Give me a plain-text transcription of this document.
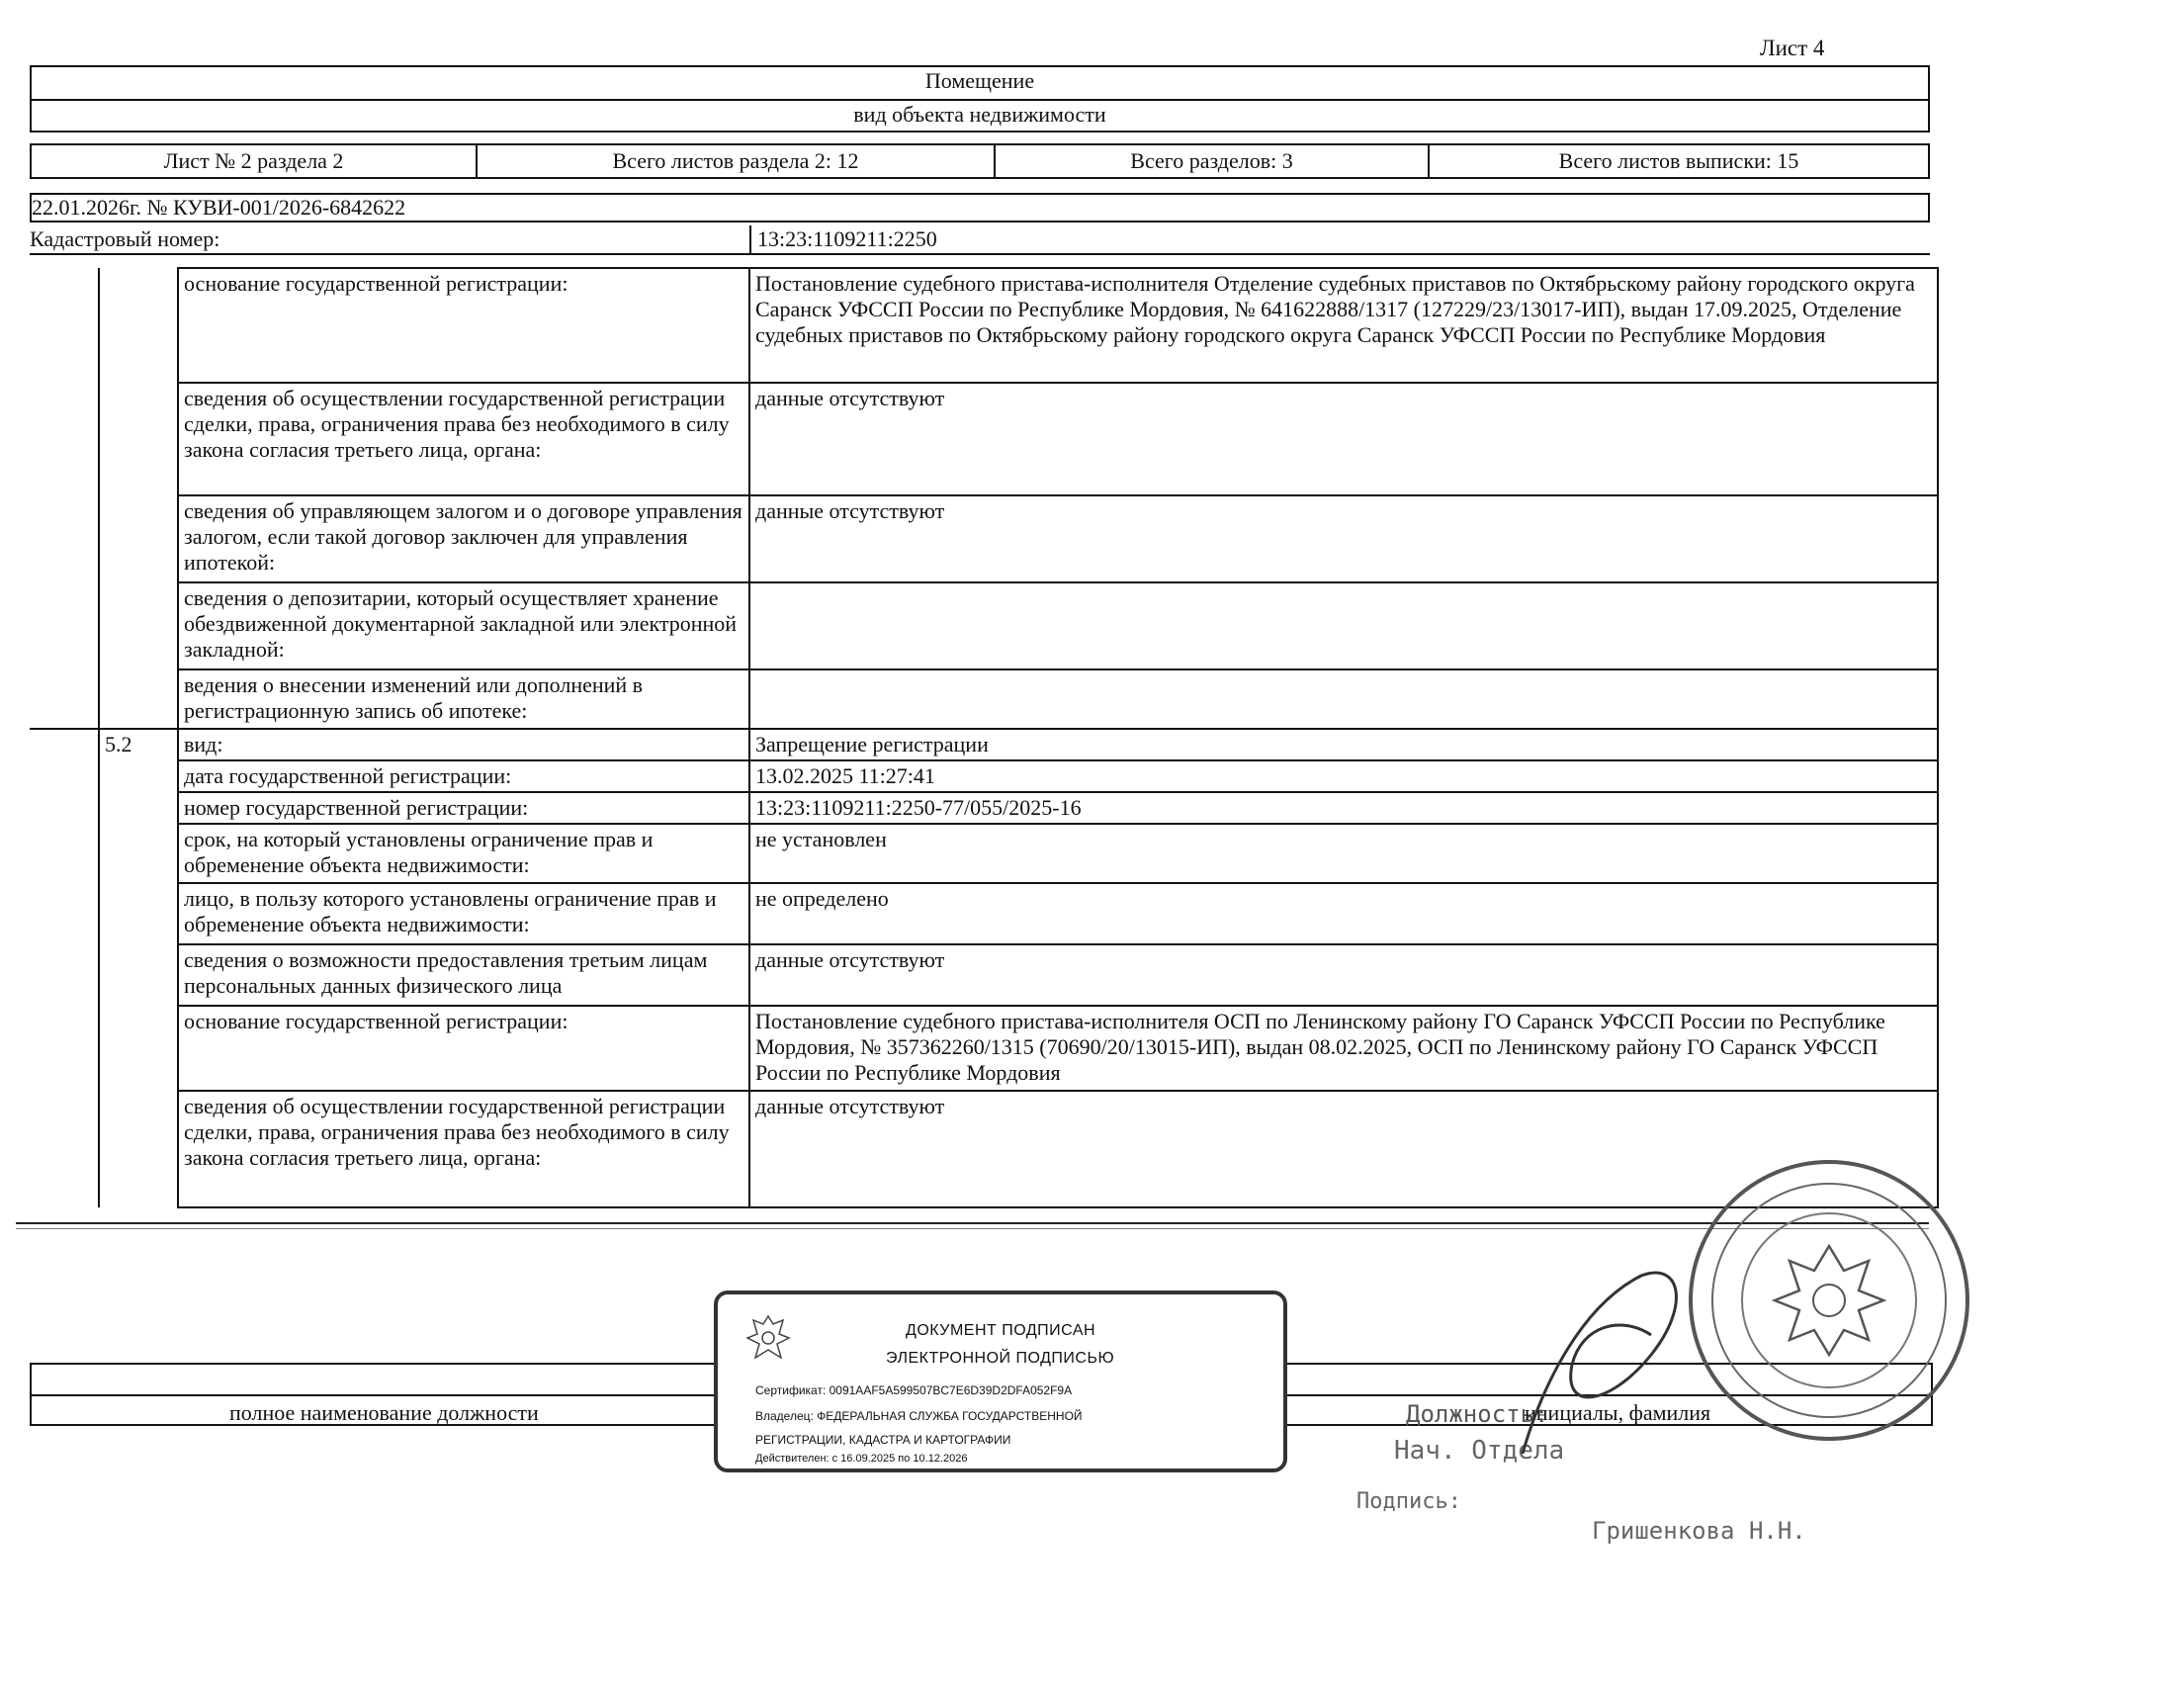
Лист 4
Помещение
вид объекта недвижимости
Лист № 2 раздела 2	Всего листов раздела 2: 12	Всего разделов: 3	Всего листов выписки: 15
22.01.2026г. № КУВИ-001/2026-6842622
Кадастровый номер:	13:23:1109211:2250
		основание государственной регистрации:	Постановление судебного пристава-исполнителя Отделение судебных приставов по Октябрьскому району городского округа Саранск УФССП России по Республике Мордовия, № 641622888/1317 (127229/23/13017-ИП), выдан 17.09.2025, Отделение судебных приставов по Октябрьскому району городского округа Саранск УФССП России по Республике Мордовия
		сведения об осуществлении государственной регистрации сделки, права, ограничения права без необходимого в силу закона согласия третьего лица, органа:	данные отсутствуют
		сведения об управляющем залогом и о договоре управления залогом, если такой договор заключен для управления ипотекой:	данные отсутствуют
		сведения о депозитарии, который осуществляет хранение обездвиженной документарной закладной или электронной закладной:	
		ведения о внесении изменений или дополнений в регистрационную запись об ипотеке:	
	5.2	вид:	Запрещение регистрации
		дата государственной регистрации:	13.02.2025 11:27:41
		номер государственной регистрации:	13:23:1109211:2250-77/055/2025-16
		срок, на который установлены ограничение прав и обременение объекта недвижимости:	не установлен
		лицо, в пользу которого установлены ограничение прав и обременение объекта недвижимости:	не определено
		сведения о возможности предоставления третьим лицам персональных данных физического лица	данные отсутствуют
		основание государственной регистрации:	Постановление судебного пристава-исполнителя ОСП по Ленинскому району ГО Саранск УФССП России по Республике Мордовия, № 357362260/1315 (70690/20/13015-ИП), выдан 08.02.2025, ОСП по Ленинскому району ГО Саранск УФССП России по Республике Мордовия
		сведения об осуществлении государственной регистрации сделки, права, ограничения права без необходимого в силу закона согласия третьего лица, органа:	данные отсутствуют
полное наименование должности	Должность:
инициалы, фамилия
Нач. Отдела
Подпись:
Гришенкова Н.Н.
ДОКУМЕНТ ПОДПИСАН
ЭЛЕКТРОННОЙ ПОДПИСЬЮ
Сертификат: 0091AAF5A599507BC7E6D39D2DFA052F9A
Владелец: ФЕДЕРАЛЬНАЯ СЛУЖБА ГОСУДАРСТВЕННОЙ
РЕГИСТРАЦИИ, КАДАСТРА И КАРТОГРАФИИ
Действителен: с 16.09.2025 по 10.12.2026
